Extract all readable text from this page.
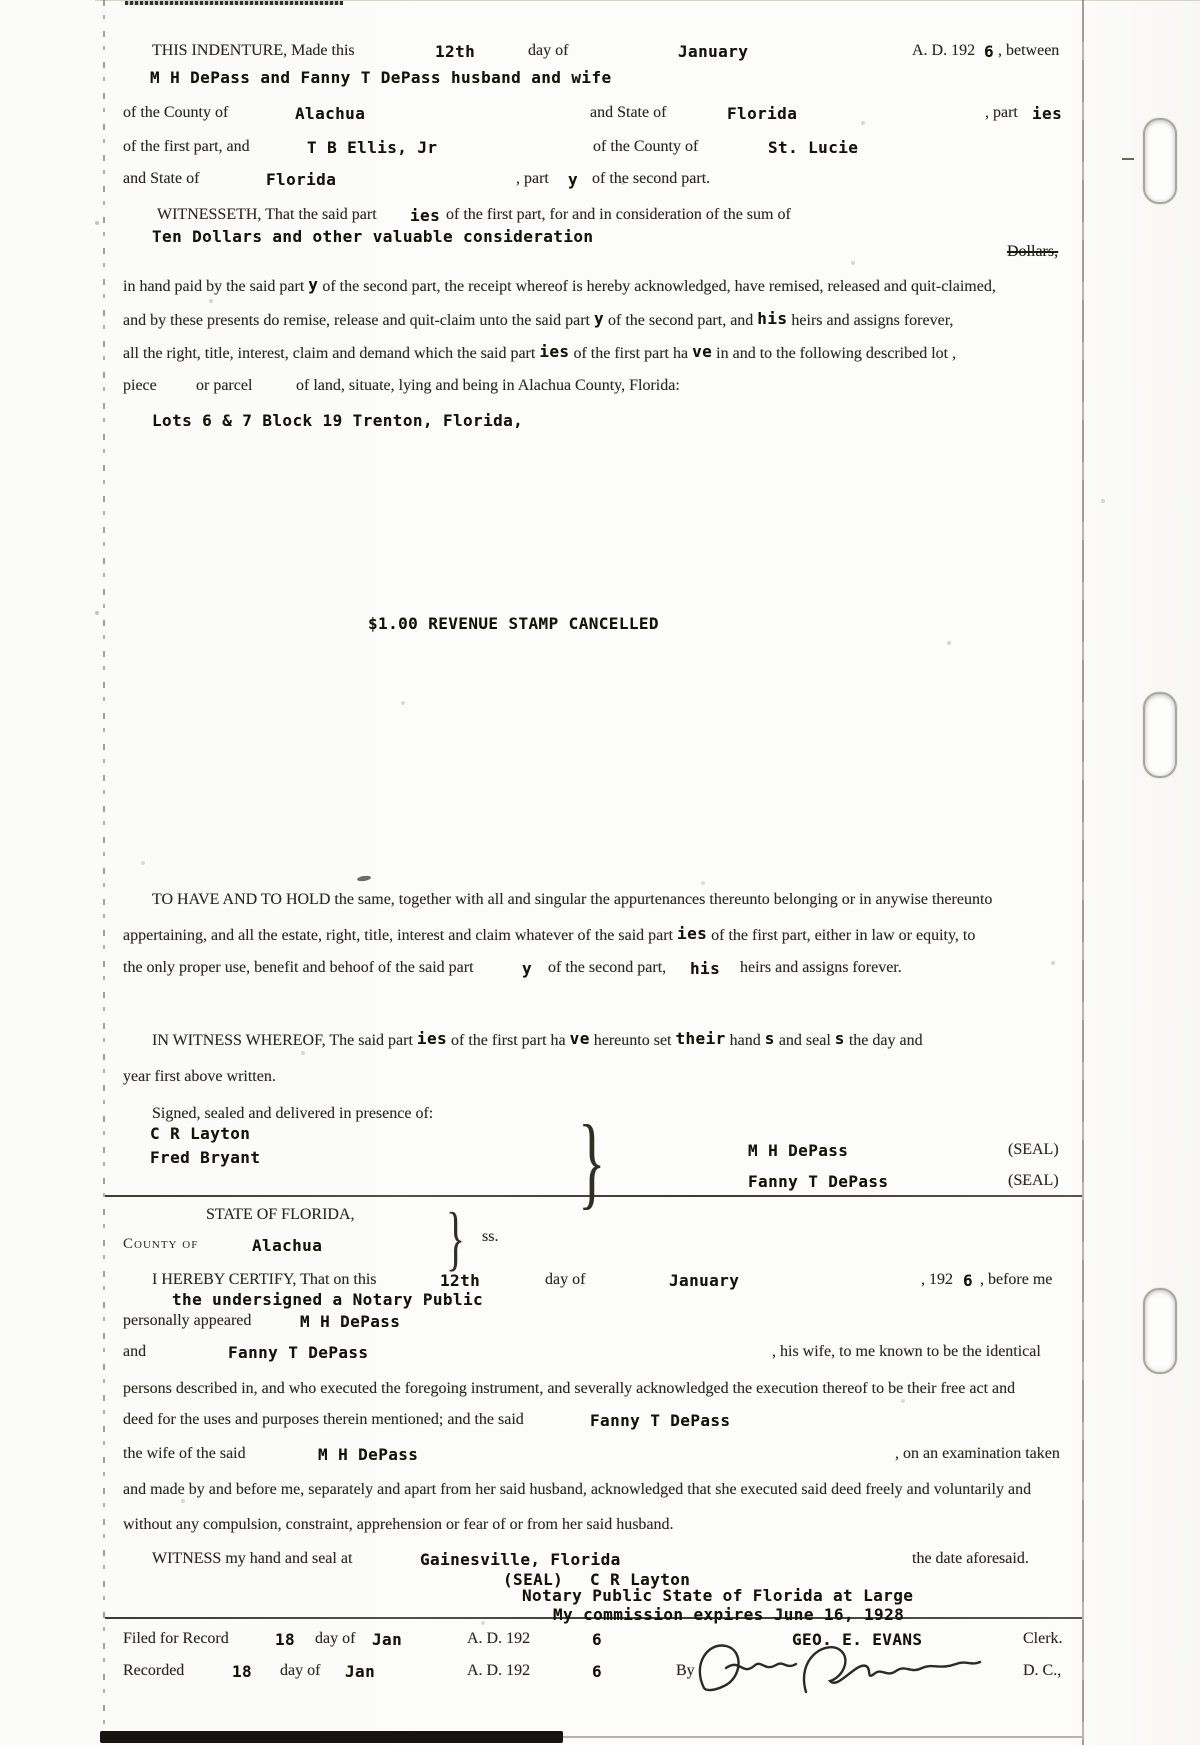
}
}
THIS INDENTURE, Made this	12th	day of	January	A. D. 192 6 , between
M H DePass and Fanny T DePass husband and wife
of the County of	Alachua	and State of	Florida	, part ies
of the first part, and	T B Ellis, Jr	of the County of	St. Lucie
and State of	Florida	, part y of the second part.
WITNESSETH, That the said part ies of the first part, for and in consideration of the sum of
Ten Dollars and other valuable consideration
Dollars,
in hand paid by the said part y of the second part, the receipt whereof is hereby acknowledged, have remised, released and quit-claimed,
and by these presents do remise, release and quit-claim unto the said part y of the second part, and his heirs and assigns forever,
all the right, title, interest, claim and demand which the said part ies of the first part ha ve in and to the following described lot ,
piece or parcel	of land, situate, lying and being in Alachua County, Florida:
Lots 6 & 7 Block 19 Trenton, Florida,
$1.00 REVENUE STAMP CANCELLED
TO HAVE AND TO HOLD the same, together with all and singular the appurtenances thereunto belonging or in anywise thereunto
appertaining, and all the estate, right, title, interest and claim whatever of the said part ies of the first part, either in law or equity, to
the only proper use, benefit and behoof of the said part	y of the second part, his heirs and assigns forever.
IN WITNESS WHEREOF, The said part ies of the first part ha ve hereunto set their hand s and seal s the day and
year first above written.
Signed, sealed and delivered in presence of:
C R Layton
Fred Bryant	M H DePass	(SEAL)
Fanny T DePass	(SEAL)
STATE OF FLORIDA,
ss.
County of	Alachua
I HEREBY CERTIFY, That on this	12th	day of	January	, 192 6 , before me
the undersigned a Notary Public
personally appeared	M H DePass
and	Fanny T DePass	, his wife, to me known to be the identical
persons described in, and who executed the foregoing instrument, and severally acknowledged the execution thereof to be their free act and
deed for the uses and purposes therein mentioned; and the said	Fanny T DePass
the wife of the said	M H DePass	, on an examination taken
and made by and before me, separately and apart from her said husband, acknowledged that she executed said deed freely and voluntarily and
without any compulsion, constraint, apprehension or fear of or from her said husband.
WITNESS my hand and seal at	Gainesville, Florida	the date aforesaid.
(SEAL) C R Layton
Notary Public State of Florida at Large
My commission expires June 16, 1928
Filed for Record	18 day of Jan	A. D. 192	6	GEO. E. EVANS	Clerk.
Recorded	18 day of Jan	A. D. 192	6	By	D. C.,
